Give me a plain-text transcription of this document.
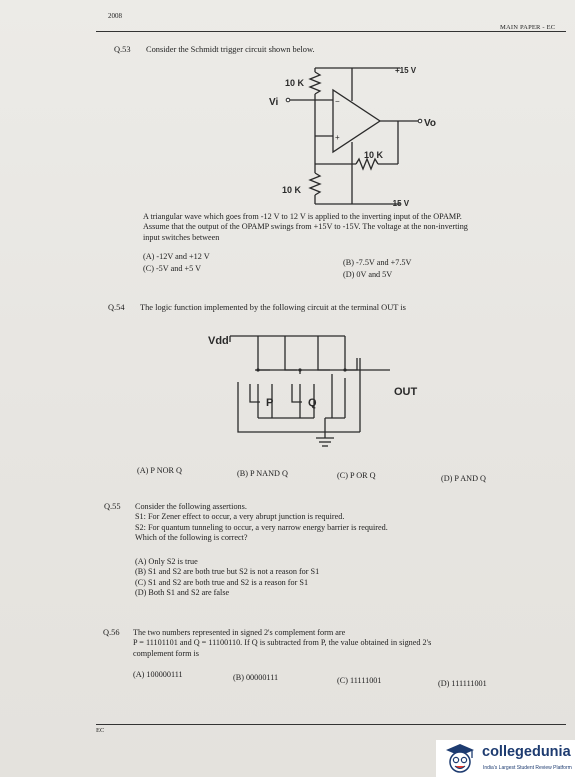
2008
MAIN PAPER - EC
Q.53 Consider the Schmidt trigger circuit shown below.
−
+
10 K
Vi
+15 V
Vo
10 K
10 K
-15 V
A triangular wave which goes from -12 V to 12 V is applied to the inverting input of the OPAMP.
Assume that the output of the OPAMP swings from +15V to -15V. The voltage at the non-inverting
input switches between
(A) -12V and +12 V
(B) -7.5V and +7.5V
(C) -5V and +5 V
(D) 0V and 5V
Q.54 The logic function implemented by the following circuit at the terminal OUT is
Vdd
P	Q
OUT
(A) P NOR Q	(B) P NAND Q	(C) P OR Q	(D) P AND Q
Q.55 Consider the following assertions.
S1: For Zener effect to occur, a very abrupt junction is required.
S2: For quantum tunneling to occur, a very narrow energy barrier is required.
Which of the following is correct?
(A) Only S2 is true
(B) S1 and S2 are both true but S2 is not a reason for S1
(C) S1 and S2 are both true and S2 is a reason for S1
(D) Both S1 and S2 are false
Q.56 The two numbers represented in signed 2's complement form are
P = 11101101 and Q = 11100110. If Q is subtracted from P, the value obtained in signed 2's
complement form is
(A) 100000111	(B) 00000111	(C) 11111001	(D) 111111001
EC
collegedunia
India's Largest Student Review Platform
